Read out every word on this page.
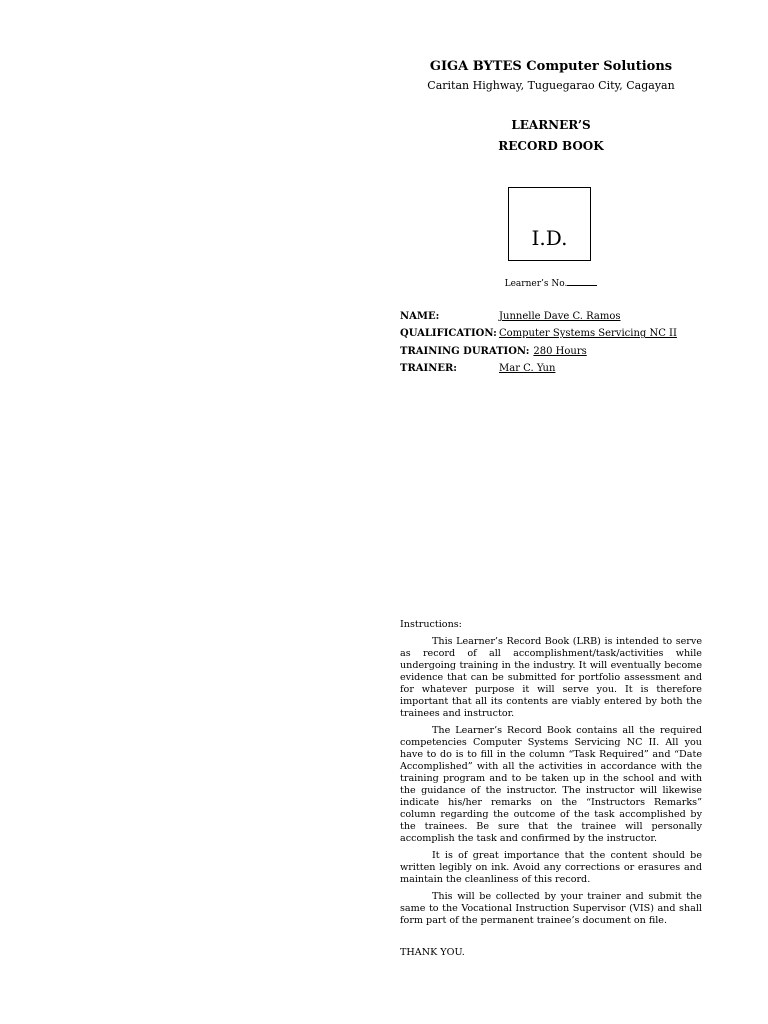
GIGA BYTES Computer Solutions
Caritan Highway, Tuguegarao City, Cagayan
LEARNER’S
RECORD BOOK
I.D.
Learner’s No.
NAME:	Junnelle Dave C. Ramos
QUALIFICATION: Computer Systems Servicing NC II
TRAINING DURATION: 280 Hours
TRAINER:	Mar C. Yun

Instructions:

This Learner’s Record Book (LRB) is intended to serve as record of all accomplishment/task/activities while undergoing training in the industry. It will eventually become evidence that can be submitted for portfolio assessment and for whatever purpose it will serve you. It is therefore important that all its contents are viably entered by both the trainees and instructor.

The Learner’s Record Book contains all the required competencies Computer Systems Servicing NC II. All you have to do is to fill in the column “Task Required” and “Date Accomplished” with all the activities in accordance with the training program and to be taken up in the school and with the guidance of the instructor. The instructor will likewise indicate his/her remarks on the “Instructors Remarks” column regarding the outcome of the task accomplished by the trainees. Be sure that the trainee will personally accomplish the task and confirmed by the instructor.

It is of great importance that the content should be written legibly on ink. Avoid any corrections or erasures and maintain the cleanliness of this record.

This will be collected by your trainer and submit the same to the Vocational Instruction Supervisor (VIS) and shall form part of the permanent trainee’s document on file.

THANK YOU.
